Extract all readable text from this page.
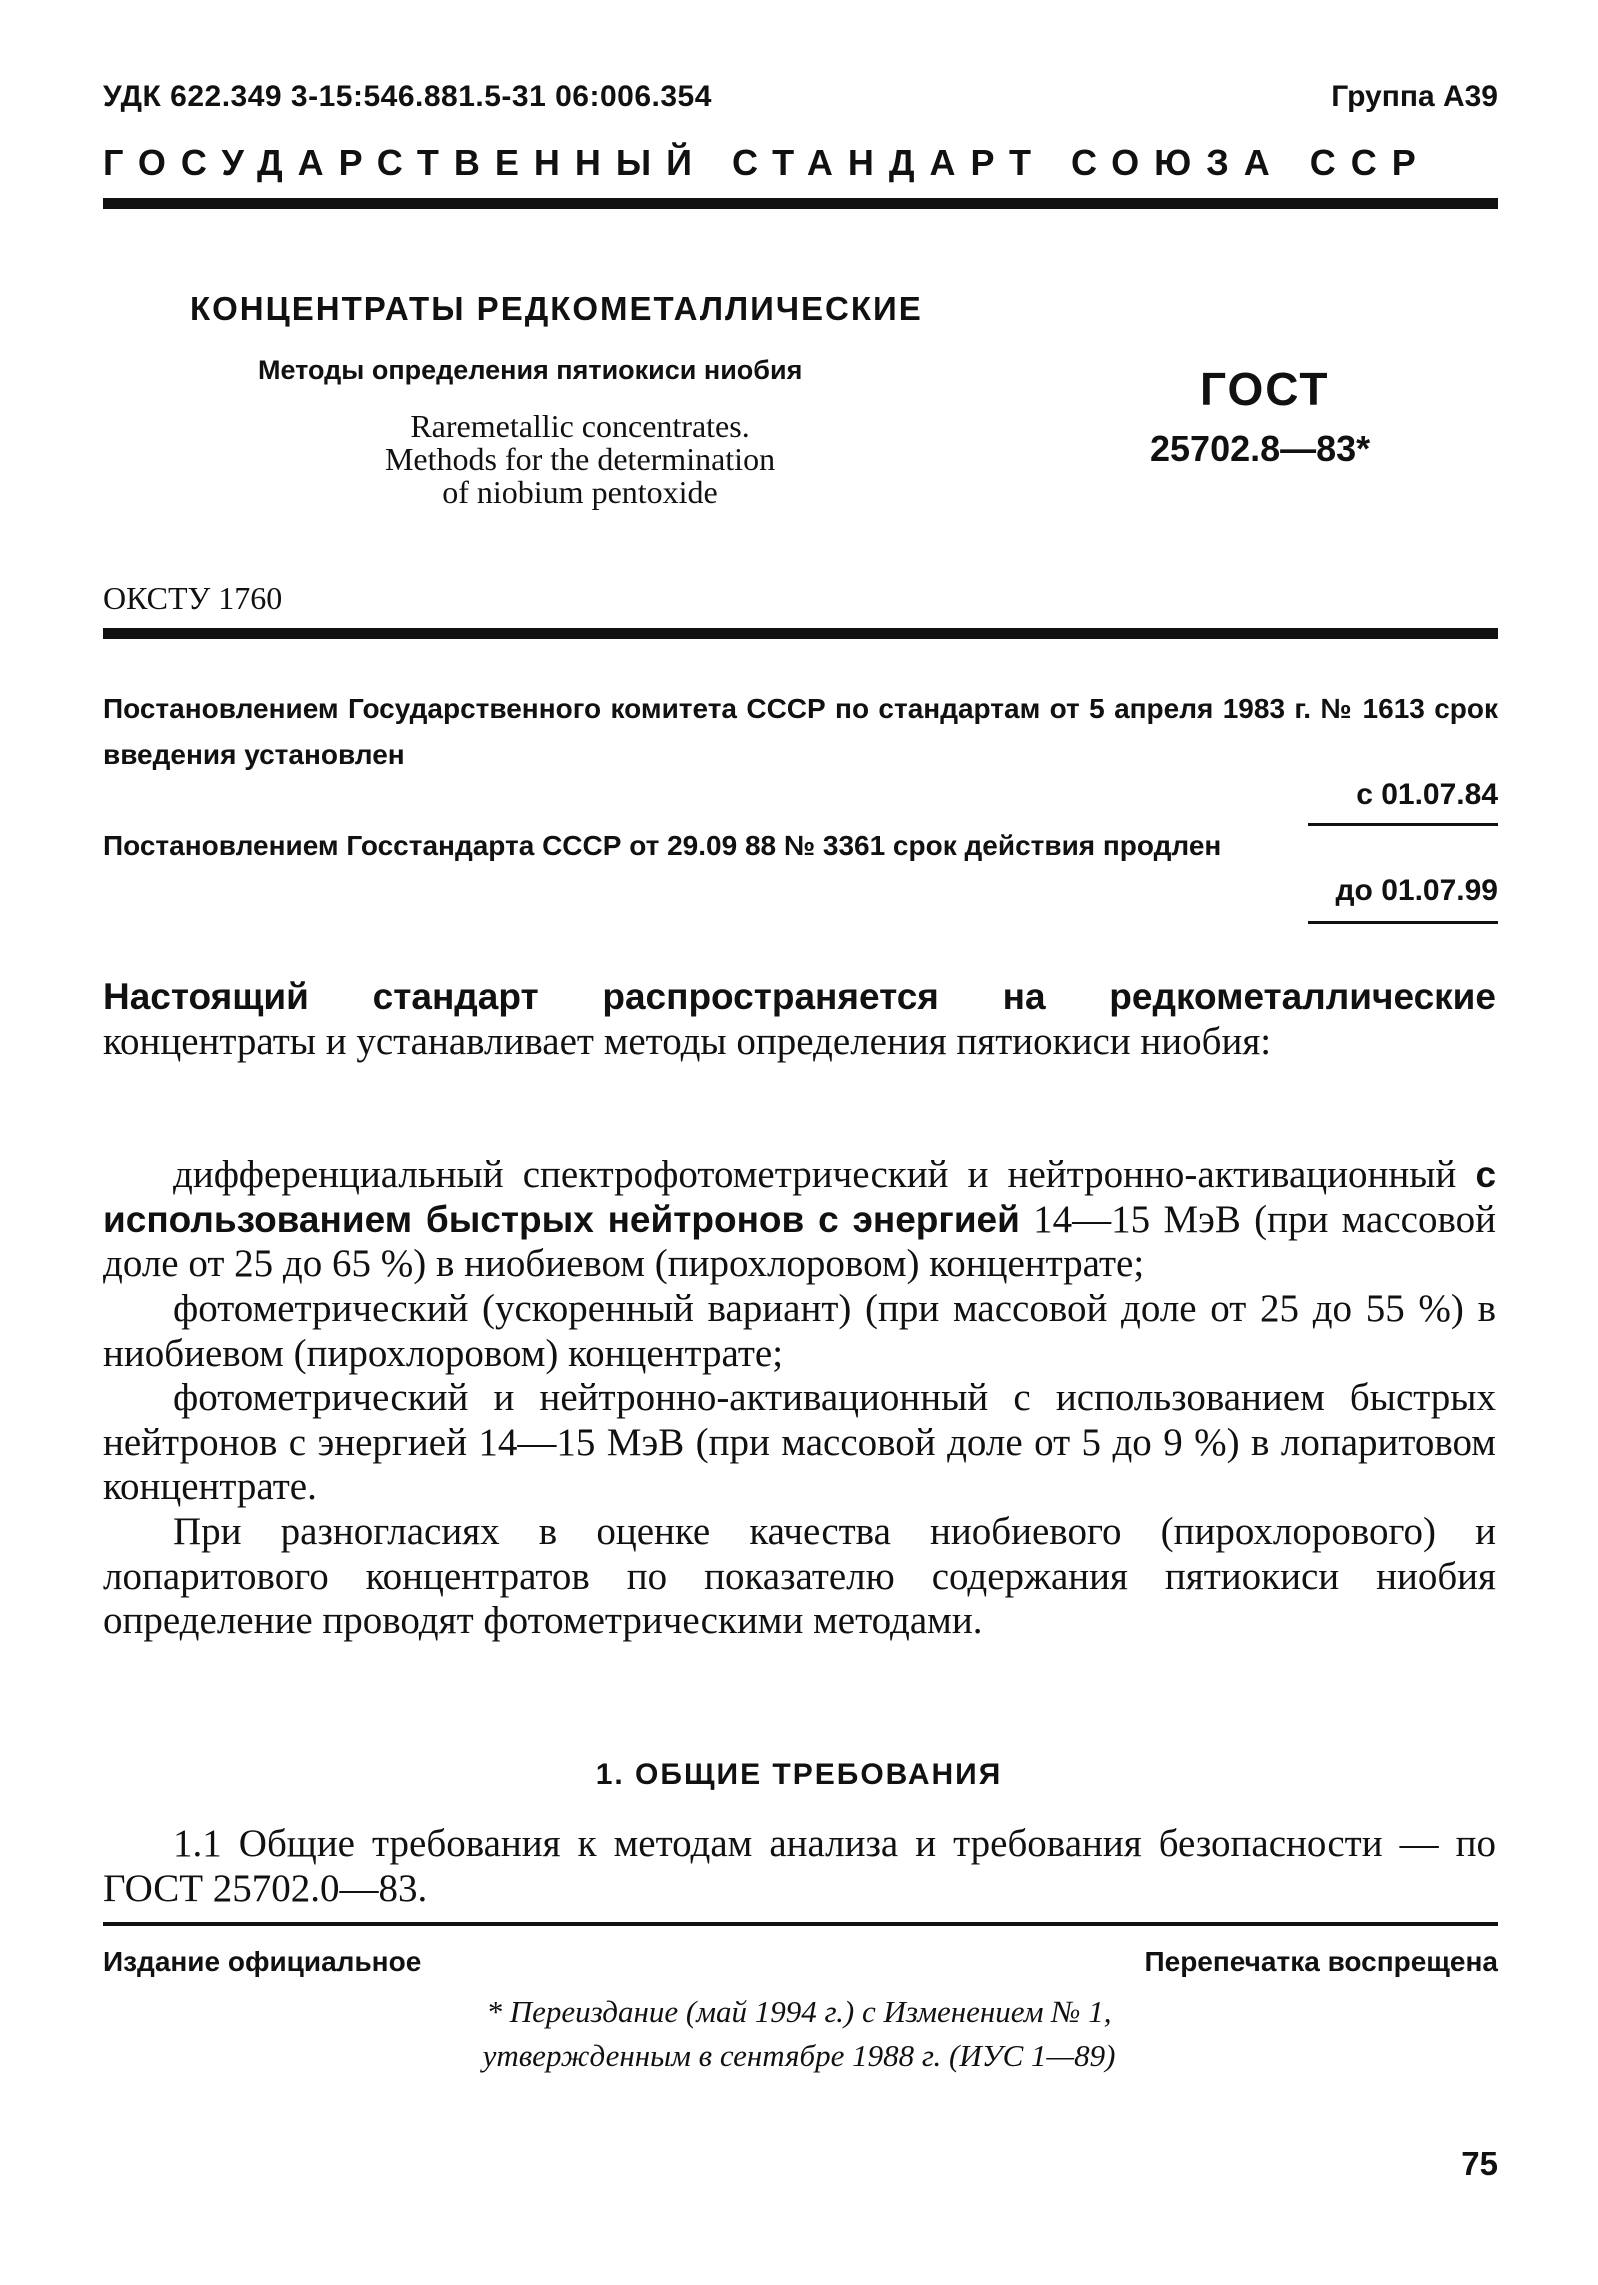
УДК 622.349 3-15:546.881.5-31 06:006.354	Группа А39
ГОСУДАРСТВЕННЫЙ СТАНДАРТ СОЮЗА ССР
КОНЦЕНТРАТЫ РЕДКОМЕТАЛЛИЧЕСКИЕ
Методы определения пятиокиси ниобия
Raremetallic concentrates.
Methods for the determination
of niobium pentoxide
ГОСТ
25702.8—83*
ОКСТУ 1760
Постановлением Государственного комитета СССР по стандартам от 5 апреля 1983 г. № 1613 срок введения установлен
с 01.07.84
Постановлением Госстандарта СССР от 29.09 88 № 3361 срок действия продлен
до 01.07.99

Настоящий стандарт распространяется на редкометаллические концентраты и устанавливает методы определения пятиокиси ниобия:

дифференциальный спектрофотометрический и нейтронно-активационный с использованием быстрых нейтронов с энергией 14—15 МэВ (при массовой доле от 25 до 65 %) в ниобиевом (пирохлоровом) концентрате;

фотометрический (ускоренный вариант) (при массовой доле от 25 до 55 %) в ниобиевом (пирохлоровом) концентрате;

фотометрический и нейтронно-активационный с использованием быстрых нейтронов с энергией 14—15 МэВ (при массовой доле от 5 до 9 %) в лопаритовом концентрате.

При разногласиях в оценке качества ниобиевого (пирохлорового) и лопаритового концентратов по показателю содержания пятиокиси ниобия определение проводят фотометрическими методами.

1. ОБЩИЕ ТРЕБОВАНИЯ

1.1 Общие требования к методам анализа и требования безопасности — по ГОСТ 25702.0—83.

Издание официальное	Перепечатка воспрещена
* Переиздание (май 1994 г.) с Изменением № 1,
утвержденным в сентябре 1988 г. (ИУС 1—89)
75
